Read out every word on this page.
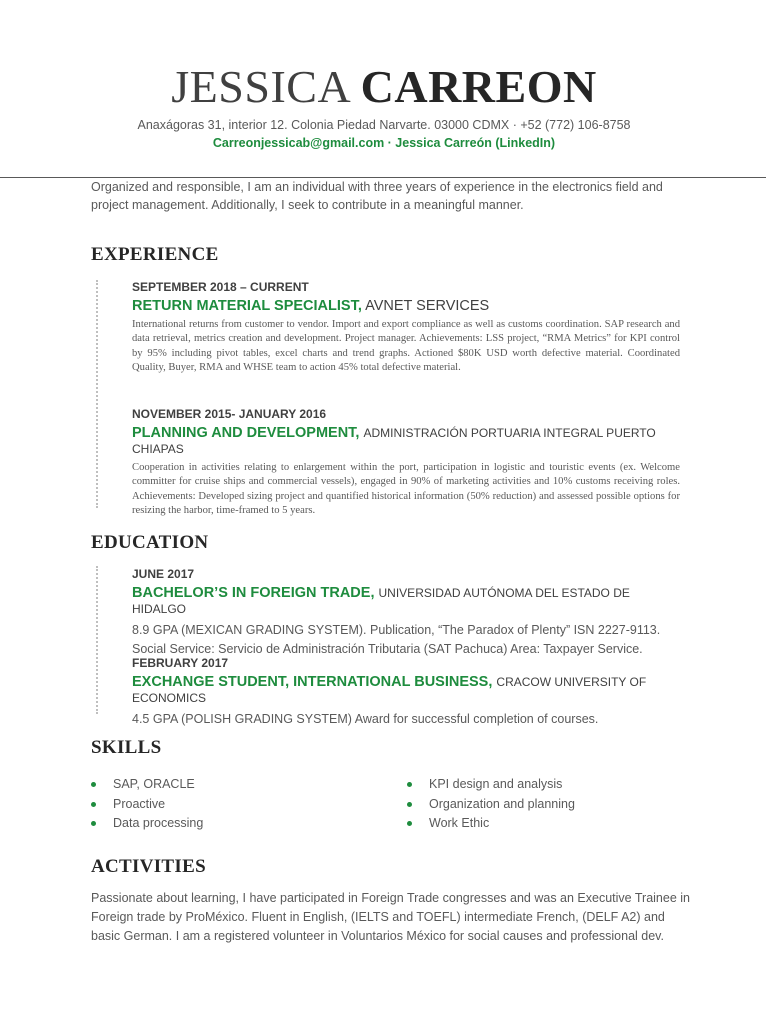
JESSICA CARREON
Anaxágoras 31, interior 12. Colonia Piedad Narvarte. 03000 CDMX · +52 (772) 106-8758
Carreonjessicab@gmail.com · Jessica Carreón (LinkedIn)
Organized and responsible, I am an individual with three years of experience in the electronics field and project management. Additionally, I seek to contribute in a meaningful manner.
EXPERIENCE
SEPTEMBER 2018 – CURRENT
RETURN MATERIAL SPECIALIST, AVNET SERVICES
International returns from customer to vendor. Import and export compliance as well as customs coordination. SAP research and data retrieval, metrics creation and development. Project manager. Achievements: LSS project, “RMA Metrics” for KPI control by 95% including pivot tables, excel charts and trend graphs. Actioned $80K USD worth defective material. Coordinated Quality, Buyer, RMA and WHSE team to action 45% total defective material.
NOVEMBER 2015- JANUARY 2016
PLANNING AND DEVELOPMENT, ADMINISTRACIÓN PORTUARIA INTEGRAL PUERTO CHIAPAS
Cooperation in activities relating to enlargement within the port, participation in logistic and touristic events (ex. Welcome committer for cruise ships and commercial vessels), engaged in 90% of marketing activities and 10% customs receiving roles. Achievements: Developed sizing project and quantified historical information (50% reduction) and assessed possible options for resizing the harbor, time-framed to 5 years.
EDUCATION
JUNE 2017
BACHELOR’S IN FOREIGN TRADE, UNIVERSIDAD AUTÓNOMA DEL ESTADO DE HIDALGO
8.9 GPA (MEXICAN GRADING SYSTEM). Publication, “The Paradox of Plenty” ISN 2227-9113. Social Service: Servicio de Administración Tributaria (SAT Pachuca) Area: Taxpayer Service.
FEBRUARY 2017
EXCHANGE STUDENT, INTERNATIONAL BUSINESS, CRACOW UNIVERSITY OF ECONOMICS
4.5 GPA (POLISH GRADING SYSTEM) Award for successful completion of courses.
SKILLS
SAP, ORACLE
Proactive
Data processing
KPI design and analysis
Organization and planning
Work Ethic
ACTIVITIES
Passionate about learning, I have participated in Foreign Trade congresses and was an Executive Trainee in Foreign trade by ProMéxico. Fluent in English, (IELTS and TOEFL) intermediate French, (DELF A2) and basic German. I am a registered volunteer in Voluntarios México for social causes and professional dev.
